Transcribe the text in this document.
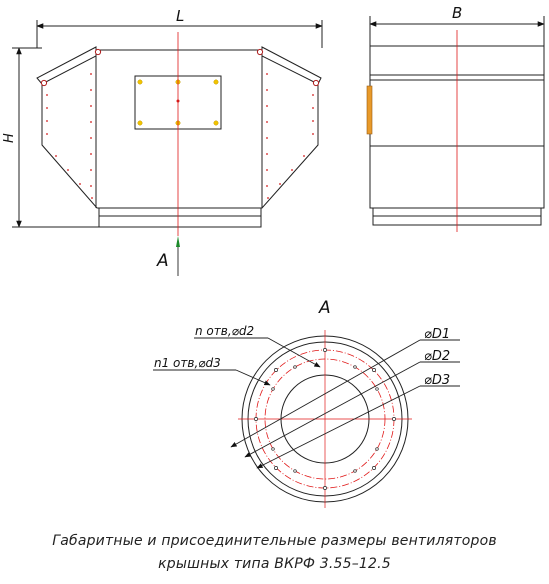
A
L
H
B
A
⌀D1
⌀D2
⌀D3
n отв,⌀d2
n1 отв,⌀d3
Габаритные и присоединительные размеры вентиляторов
крышных типа ВКРФ 3.55–12.5
